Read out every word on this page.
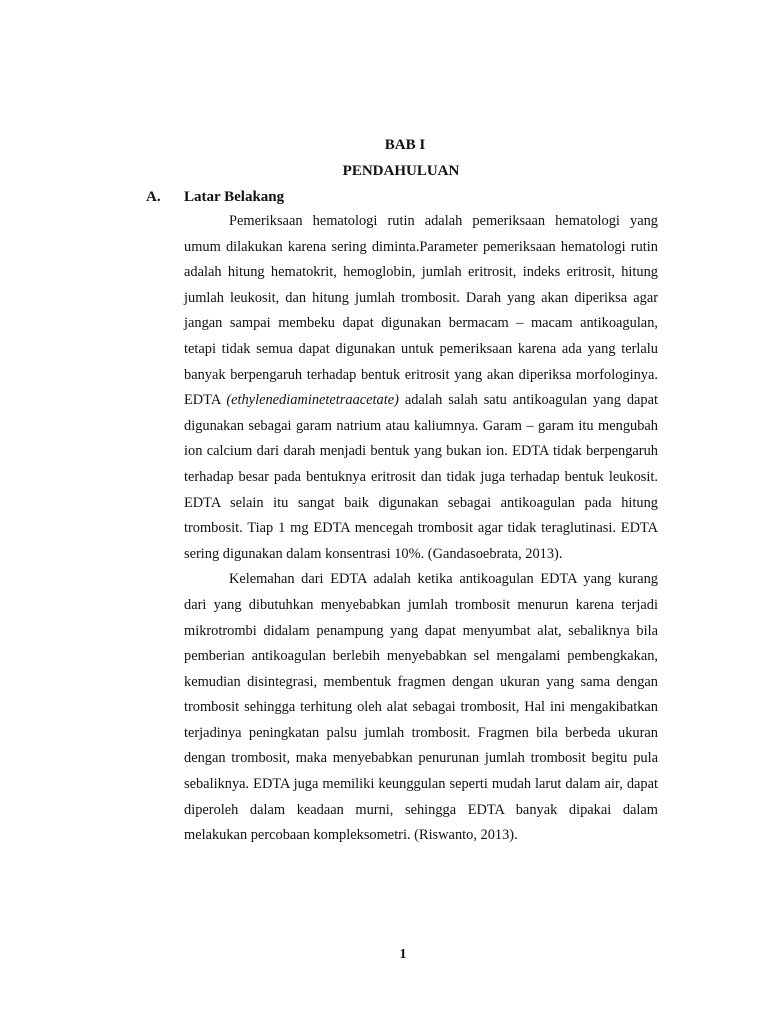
BAB I
PENDAHULUAN
A. Latar Belakang

Pemeriksaan hematologi rutin adalah pemeriksaan hematologi yang umum dilakukan karena sering diminta.Parameter pemeriksaan hematologi rutin adalah hitung hematokrit, hemoglobin, jumlah eritrosit, indeks eritrosit, hitung jumlah leukosit, dan hitung jumlah trombosit. Darah yang akan diperiksa agar jangan sampai membeku dapat digunakan bermacam – macam antikoagulan, tetapi tidak semua dapat digunakan untuk pemeriksaan karena ada yang terlalu banyak berpengaruh terhadap bentuk eritrosit yang akan diperiksa morfologinya. EDTA (ethylenediaminetetraacetate) adalah salah satu antikoagulan yang dapat digunakan sebagai garam natrium atau kaliumnya. Garam – garam itu mengubah ion calcium dari darah menjadi bentuk yang bukan ion. EDTA tidak berpengaruh terhadap besar pada bentuknya eritrosit dan tidak juga terhadap bentuk leukosit. EDTA selain itu sangat baik digunakan sebagai antikoagulan pada hitung trombosit. Tiap 1 mg EDTA mencegah trombosit agar tidak teraglutinasi. EDTA sering digunakan dalam konsentrasi 10%. (Gandasoebrata, 2013).

Kelemahan dari EDTA adalah ketika antikoagulan EDTA yang kurang dari yang dibutuhkan menyebabkan jumlah trombosit menurun karena terjadi mikrotrombi didalam penampung yang dapat menyumbat alat, sebaliknya bila pemberian antikoagulan berlebih menyebabkan sel mengalami pembengkakan, kemudian disintegrasi, membentuk fragmen dengan ukuran yang sama dengan trombosit sehingga terhitung oleh alat sebagai trombosit, Hal ini mengakibatkan terjadinya peningkatan palsu jumlah trombosit. Fragmen bila berbeda ukuran dengan trombosit, maka menyebabkan penurunan jumlah trombosit begitu pula sebaliknya. EDTA juga memiliki keunggulan seperti mudah larut dalam air, dapat diperoleh dalam keadaan murni, sehingga EDTA banyak dipakai dalam melakukan percobaan kompleksometri. (Riswanto, 2013).

1
